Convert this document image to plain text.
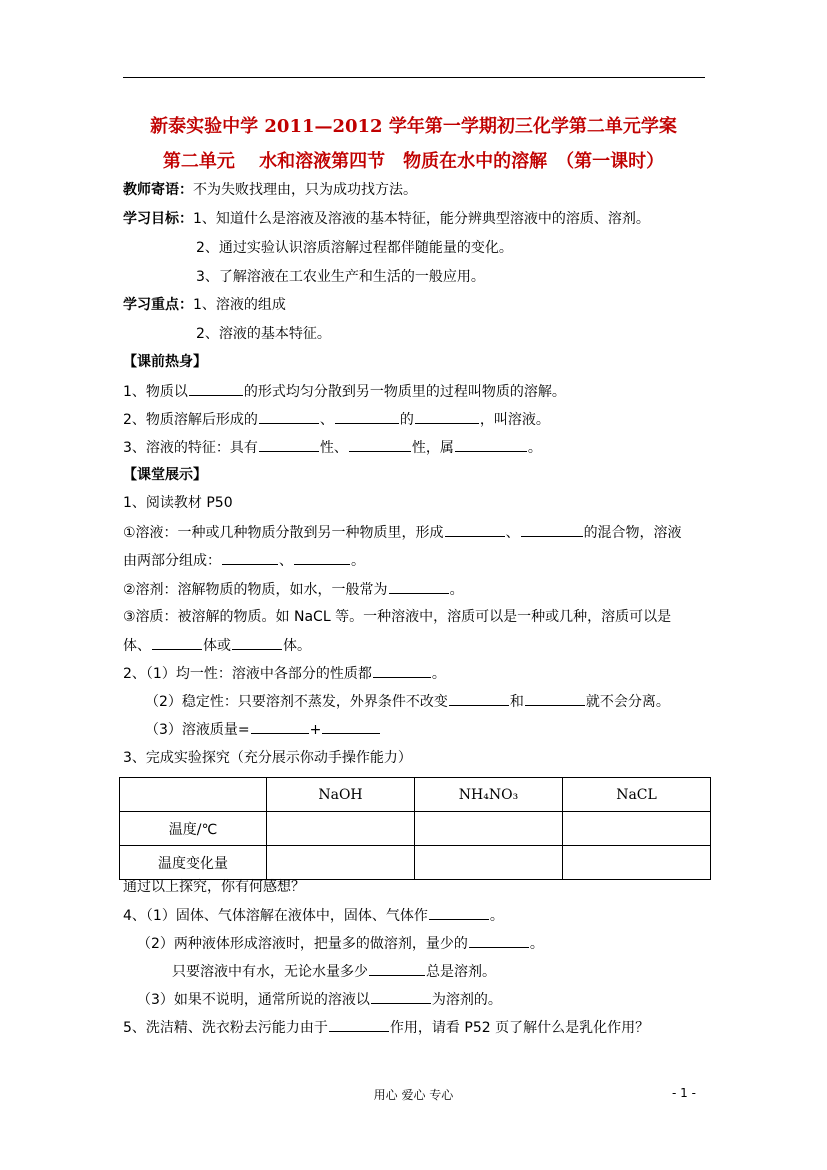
新泰实验中学 2011—2012 学年第一学期初三化学第二单元学案
第二单元　 水和溶液第四节　物质在水中的溶解　（第一课时）
教师寄语：不为失败找理由，只为成功找方法。
学习目标：1、知道什么是溶液及溶液的基本特征，能分辨典型溶液中的溶质、溶剂。
2、通过实验认识溶质溶解过程都伴随能量的变化。
3、了解溶液在工农业生产和生活的一般应用。
学习重点：1、溶液的组成
2、溶液的基本特征。
【课前热身】
1、物质以	的形式均匀分散到另一物质里的过程叫物质的溶解。
2、物质溶解后形成的	、	的	，叫溶液。
3、溶液的特征：具有	性、	性，属	。
【课堂展示】
1、阅读教材 P50
①溶液：一种或几种物质分散到另一种物质里，形成	、	的混合物，溶液
由两部分组成：	、	。
②溶剂：溶解物质的物质，如水，一般常为	。
③溶质：被溶解的物质。如 NaCL 等。一种溶液中，溶质可以是一种或几种，溶质可以是
体、	体或	体。
2、（1）均一性：溶液中各部分的性质都	。
（2）稳定性：只要溶剂不蒸发，外界条件不改变	和	就不会分离。
（3）溶液质量=	+
3、完成实验探究（充分展示你动手操作能力）
	NaOH	NH₄NO₃	NaCL
温度/℃			
温度变化量			
通过以上探究，你有何感想？
4、（1）固体、气体溶解在液体中，固体、气体作	。
（2）两种液体形成溶液时，把量多的做溶剂，量少的	。
只要溶液中有水，无论水量多少	总是溶剂。
（3）如果不说明，通常所说的溶液以	为溶剂的。
5、洗洁精、洗衣粉去污能力由于	作用，请看 P52 页了解什么是乳化作用？
用心 爱心 专心	- 1 -
